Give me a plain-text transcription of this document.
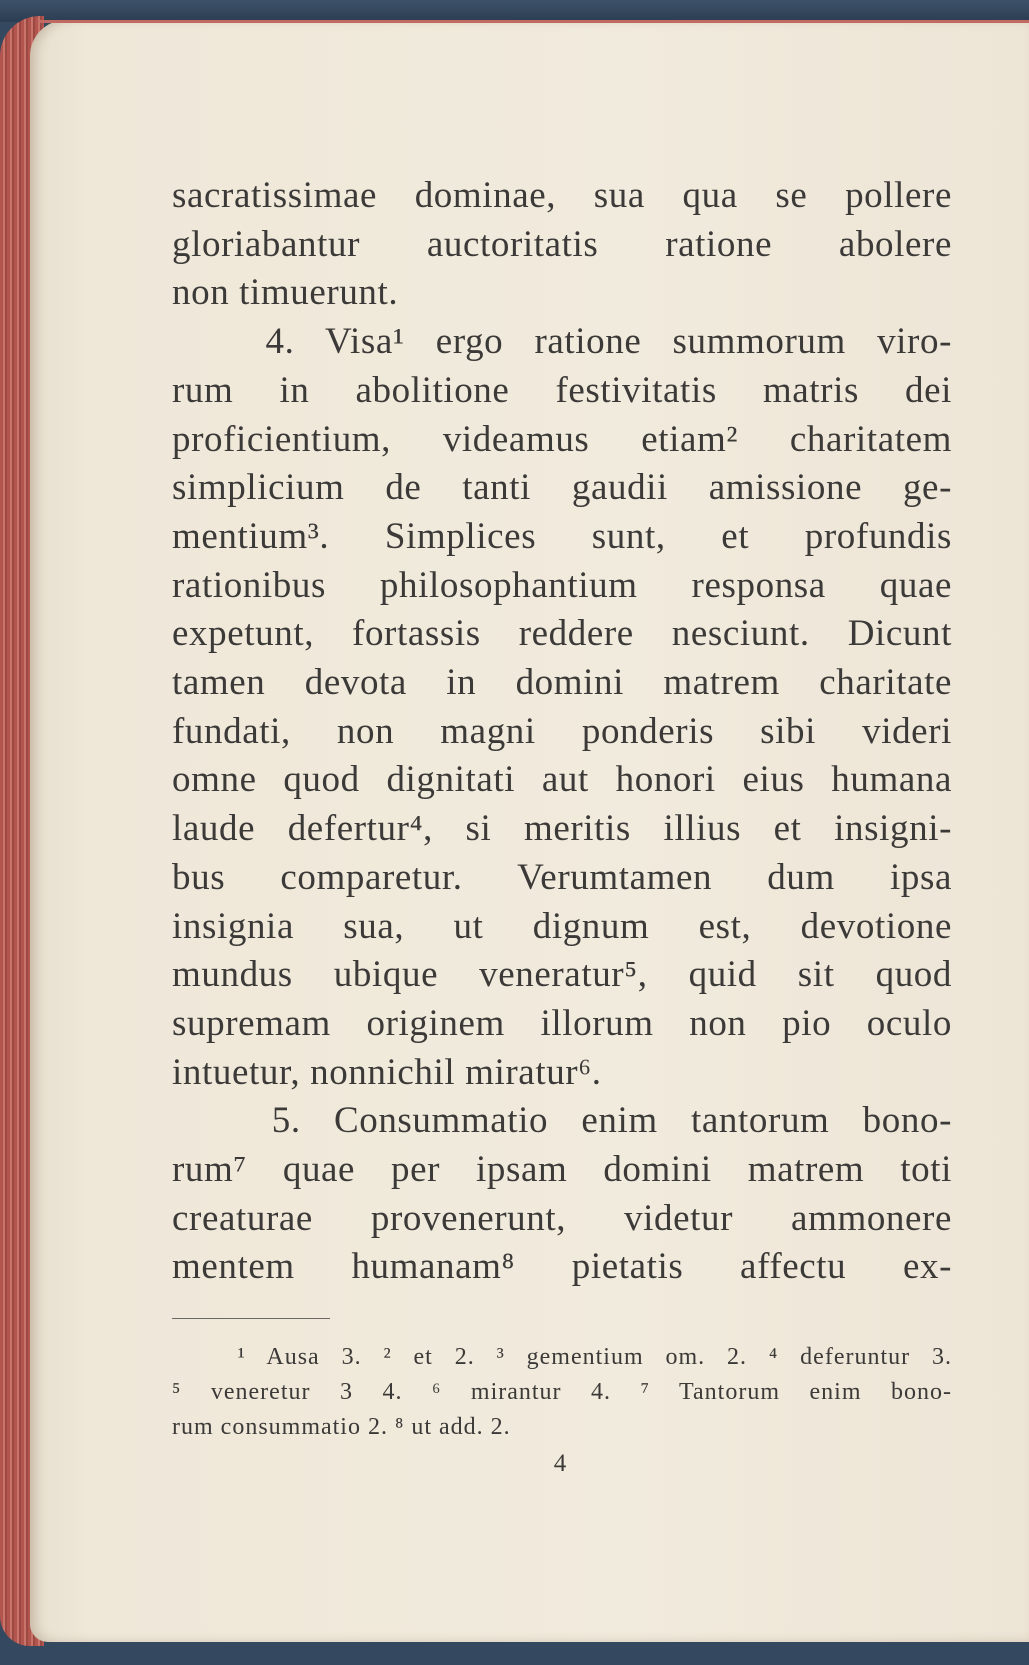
sacratissimae dominae, sua qua se pollere
gloriabantur auctoritatis ratione abolere
non timuerunt.
4. Visa¹ ergo ratione summorum viro-
rum in abolitione festivitatis matris dei
proficientium, videamus etiam² charitatem
simplicium de tanti gaudii amissione ge-
mentium³. Simplices sunt, et profundis
rationibus philosophantium responsa quae
expetunt, fortassis reddere nesciunt. Dicunt
tamen devota in domini matrem charitate
fundati, non magni ponderis sibi videri
omne quod dignitati aut honori eius humana
laude defertur⁴, si meritis illius et insigni-
bus comparetur. Verumtamen dum ipsa
insignia sua, ut dignum est, devotione
mundus ubique veneratur⁵, quid sit quod
supremam originem illorum non pio oculo
intuetur, nonnichil miratur⁶.
5. Consummatio enim tantorum bono-
rum⁷ quae per ipsam domini matrem toti
creaturae provenerunt, videtur ammonere
mentem humanam⁸ pietatis affectu ex-
¹ Ausa 3. ² et 2. ³ gementium om. 2. ⁴ deferuntur 3.
⁵ veneretur 3 4. ⁶ mirantur 4. ⁷ Tantorum enim bono-
rum consummatio 2. ⁸ ut add. 2.
4
